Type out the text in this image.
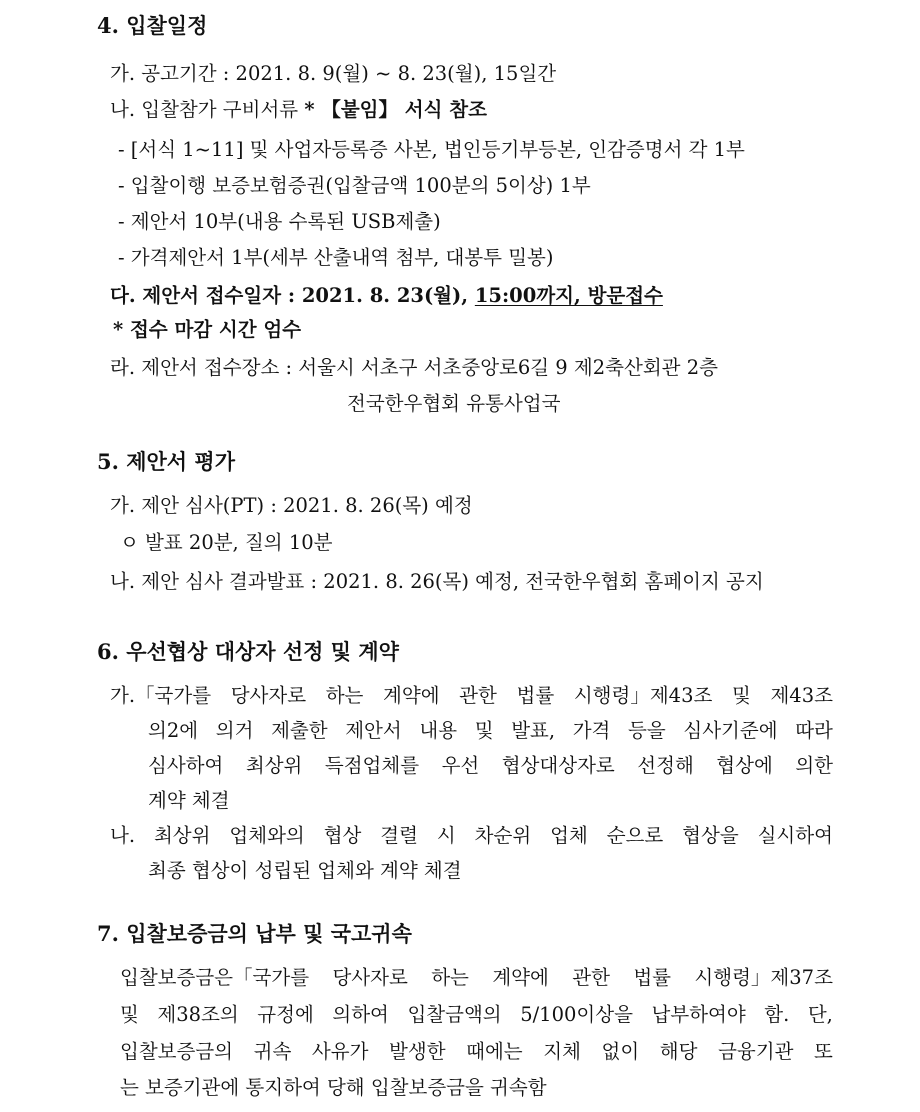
4. 입찰일정
가. 공고기간 : 2021. 8. 9(월) ~ 8. 23(월), 15일간
나. 입찰참가 구비서류 * 【붙임】 서식 참조
- [서식 1~11] 및 사업자등록증 사본, 법인등기부등본, 인감증명서 각 1부
- 입찰이행 보증보험증권(입찰금액 100분의 5이상) 1부
- 제안서 10부(내용 수록된 USB제출)
- 가격제안서 1부(세부 산출내역 첨부, 대봉투 밀봉)
다. 제안서 접수일자 : 2021. 8. 23(월), 15:00까지, 방문접수
* 접수 마감 시간 엄수
라. 제안서 접수장소 : 서울시 서초구 서초중앙로6길 9 제2축산회관 2층
전국한우협회 유통사업국
5. 제안서 평가
가. 제안 심사(PT) : 2021. 8. 26(목) 예정
ㅇ 발표 20분, 질의 10분
나. 제안 심사 결과발표 : 2021. 8. 26(목) 예정, 전국한우협회 홈페이지 공지
6. 우선협상 대상자 선정 및 계약
가.「국가를 당사자로 하는 계약에 관한 법률 시행령」제43조 및 제43조
의2에 의거 제출한 제안서 내용 및 발표, 가격 등을 심사기준에 따라
심사하여 최상위 득점업체를 우선 협상대상자로 선정해 협상에 의한
계약 체결
나. 최상위 업체와의 협상 결렬 시 차순위 업체 순으로 협상을 실시하여
최종 협상이 성립된 업체와 계약 체결
7. 입찰보증금의 납부 및 국고귀속
입찰보증금은「국가를 당사자로 하는 계약에 관한 법률 시행령」제37조
및 제38조의 규정에 의하여 입찰금액의 5/100이상을 납부하여야 함. 단,
입찰보증금의 귀속 사유가 발생한 때에는 지체 없이 해당 금융기관 또
는 보증기관에 통지하여 당해 입찰보증금을 귀속함
